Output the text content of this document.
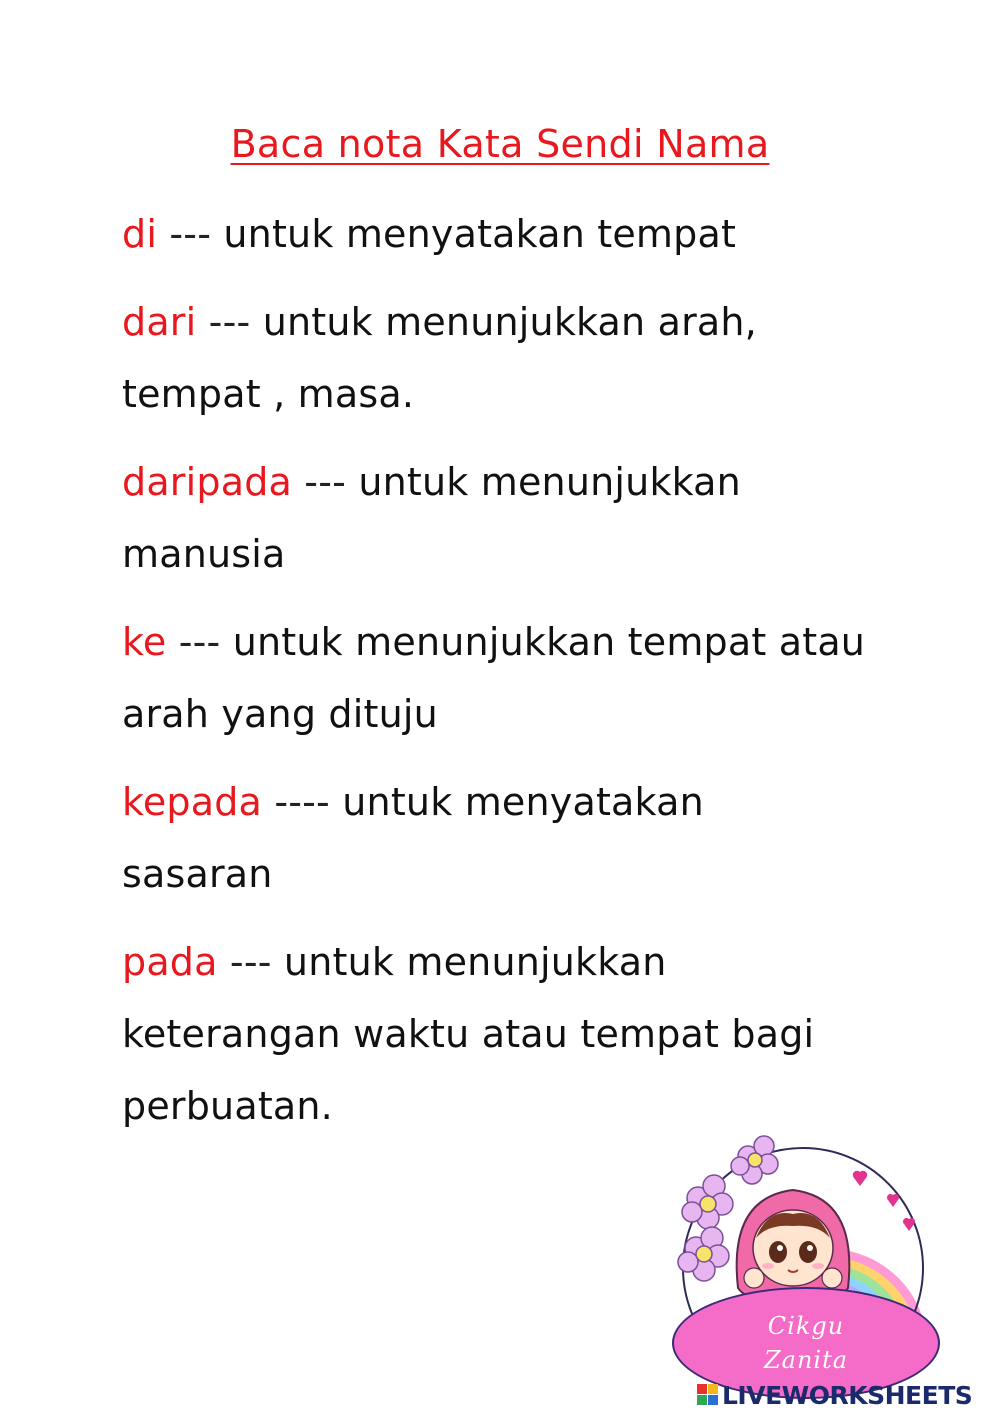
Baca nota Kata Sendi Nama

di --- untuk menyatakan tempat

dari --- untuk menunjukkan arah,

tempat , masa.

daripada --- untuk menunjukkan

manusia

ke --- untuk menunjukkan tempat atau

arah yang dituju

kepada ---- untuk menyatakan

sasaran

pada --- untuk menunjukkan

keterangan waktu atau tempat bagi

perbuatan.

Cikgu
Zanita
LIVEWORKSHEETS
